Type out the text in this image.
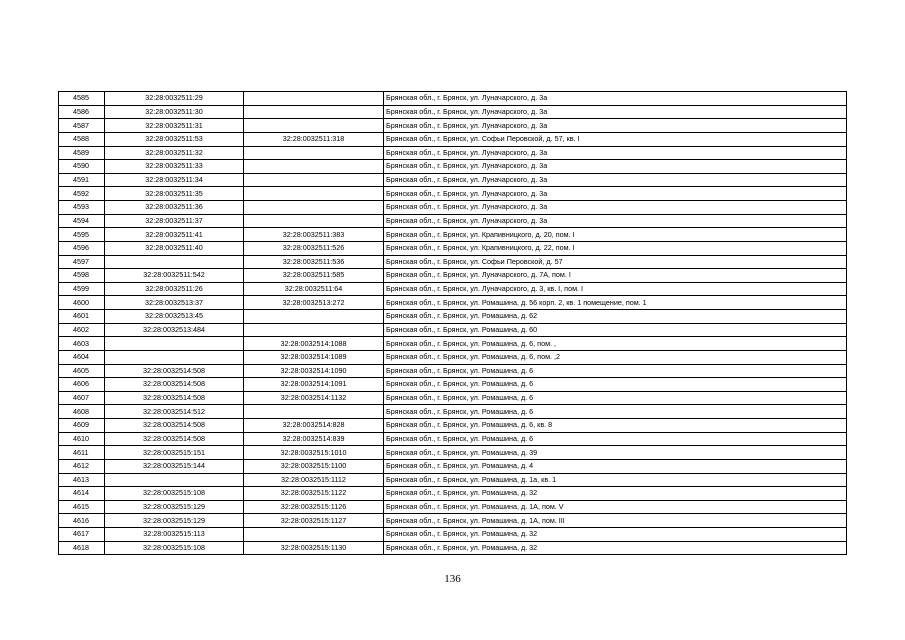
4585	32:28:0032511:29		Брянская обл., г. Брянск, ул. Луначарского, д. 3а
4586	32:28:0032511:30		Брянская обл., г. Брянск, ул. Луначарского, д. 3а
4587	32:28:0032511:31		Брянская обл., г. Брянск, ул. Луначарского, д. 3а
4588	32:28:0032511:53	32:28:0032511:318	Брянская обл., г. Брянск, ул. Софьи Перовской, д. 57, кв. I
4589	32:28:0032511:32		Брянская обл., г. Брянск, ул. Луначарского, д. 3а
4590	32:28:0032511:33		Брянская обл., г. Брянск, ул. Луначарского, д. 3а
4591	32:28:0032511:34		Брянская обл., г. Брянск, ул. Луначарского, д. 3а
4592	32:28:0032511:35		Брянская обл., г. Брянск, ул. Луначарского, д. 3а
4593	32:28:0032511:36		Брянская обл., г. Брянск, ул. Луначарского, д. 3а
4594	32:28:0032511:37		Брянская обл., г. Брянск, ул. Луначарского, д. 3а
4595	32:28:0032511:41	32:28:0032511:383	Брянская обл., г. Брянск, ул. Крапивницкого, д. 20, пом. I
4596	32:28:0032511:40	32:28:0032511:526	Брянская обл., г. Брянск, ул. Крапивницкого, д. 22, пом. I
4597		32:28:0032511:536	Брянская обл., г. Брянск, ул. Софьи Перовской, д. 57
4598	32:28:0032511:542	32:28:0032511:585	Брянская обл., г. Брянск, ул. Луначарского, д. 7А, пом. I
4599	32:28:0032511:26	32:28:0032511:64	Брянская обл., г. Брянск, ул. Луначарского, д. 3, кв. I, пом. I
4600	32:28:0032513:37	32:28:0032513:272	Брянская обл., г. Брянск, ул. Ромашина, д. 56 корп. 2, кв. 1 помещение, пом. 1
4601	32:28:0032513:45		Брянская обл., г. Брянск, ул. Ромашина, д. 62
4602	32:28:0032513:484		Брянская обл., г. Брянск, ул. Ромашина, д. 60
4603		32:28:0032514:1088	Брянская обл., г. Брянск, ул. Ромашина, д. 6, пом. ,
4604		32:28:0032514:1089	Брянская обл., г. Брянск, ул. Ромашина, д. 6, пом. ,2
4605	32:28:0032514:508	32:28:0032514:1090	Брянская обл., г. Брянск, ул. Ромашина, д. 6
4606	32:28:0032514:508	32:28:0032514:1091	Брянская обл., г. Брянск, ул. Ромашина, д. 6
4607	32:28:0032514:508	32:28:0032514:1132	Брянская обл., г. Брянск, ул. Ромашина, д. 6
4608	32:28:0032514:512		Брянская обл., г. Брянск, ул. Ромашина, д. 6
4609	32:28:0032514:508	32:28:0032514:828	Брянская обл., г. Брянск, ул. Ромашина, д. 6, кв. 8
4610	32:28:0032514:508	32:28:0032514:839	Брянская обл., г. Брянск, ул. Ромашина, д. 6
4611	32:28:0032515:151	32:28:0032515:1010	Брянская обл., г. Брянск, ул. Ромашина, д. 39
4612	32:28:0032515:144	32:28:0032515:1100	Брянская обл., г. Брянск, ул. Ромашина, д. 4
4613		32:28:0032515:1112	Брянская обл., г. Брянск, ул. Ромашина, д. 1а, кв. 1
4614	32:28:0032515:108	32:28:0032515:1122	Брянская обл., г. Брянск, ул. Ромашина, д. 32
4615	32:28:0032515:129	32:28:0032515:1126	Брянская обл., г. Брянск, ул. Ромашина, д. 1А, пом. V
4616	32:28:0032515:129	32:28:0032515:1127	Брянская обл., г. Брянск, ул. Ромашина, д. 1А, пом. III
4617	32:28:0032515:113		Брянская обл., г. Брянск, ул. Ромашина, д. 32
4618	32:28:0032515:108	32:28:0032515:1130	Брянская обл., г. Брянск, ул. Ромашина, д. 32
136
